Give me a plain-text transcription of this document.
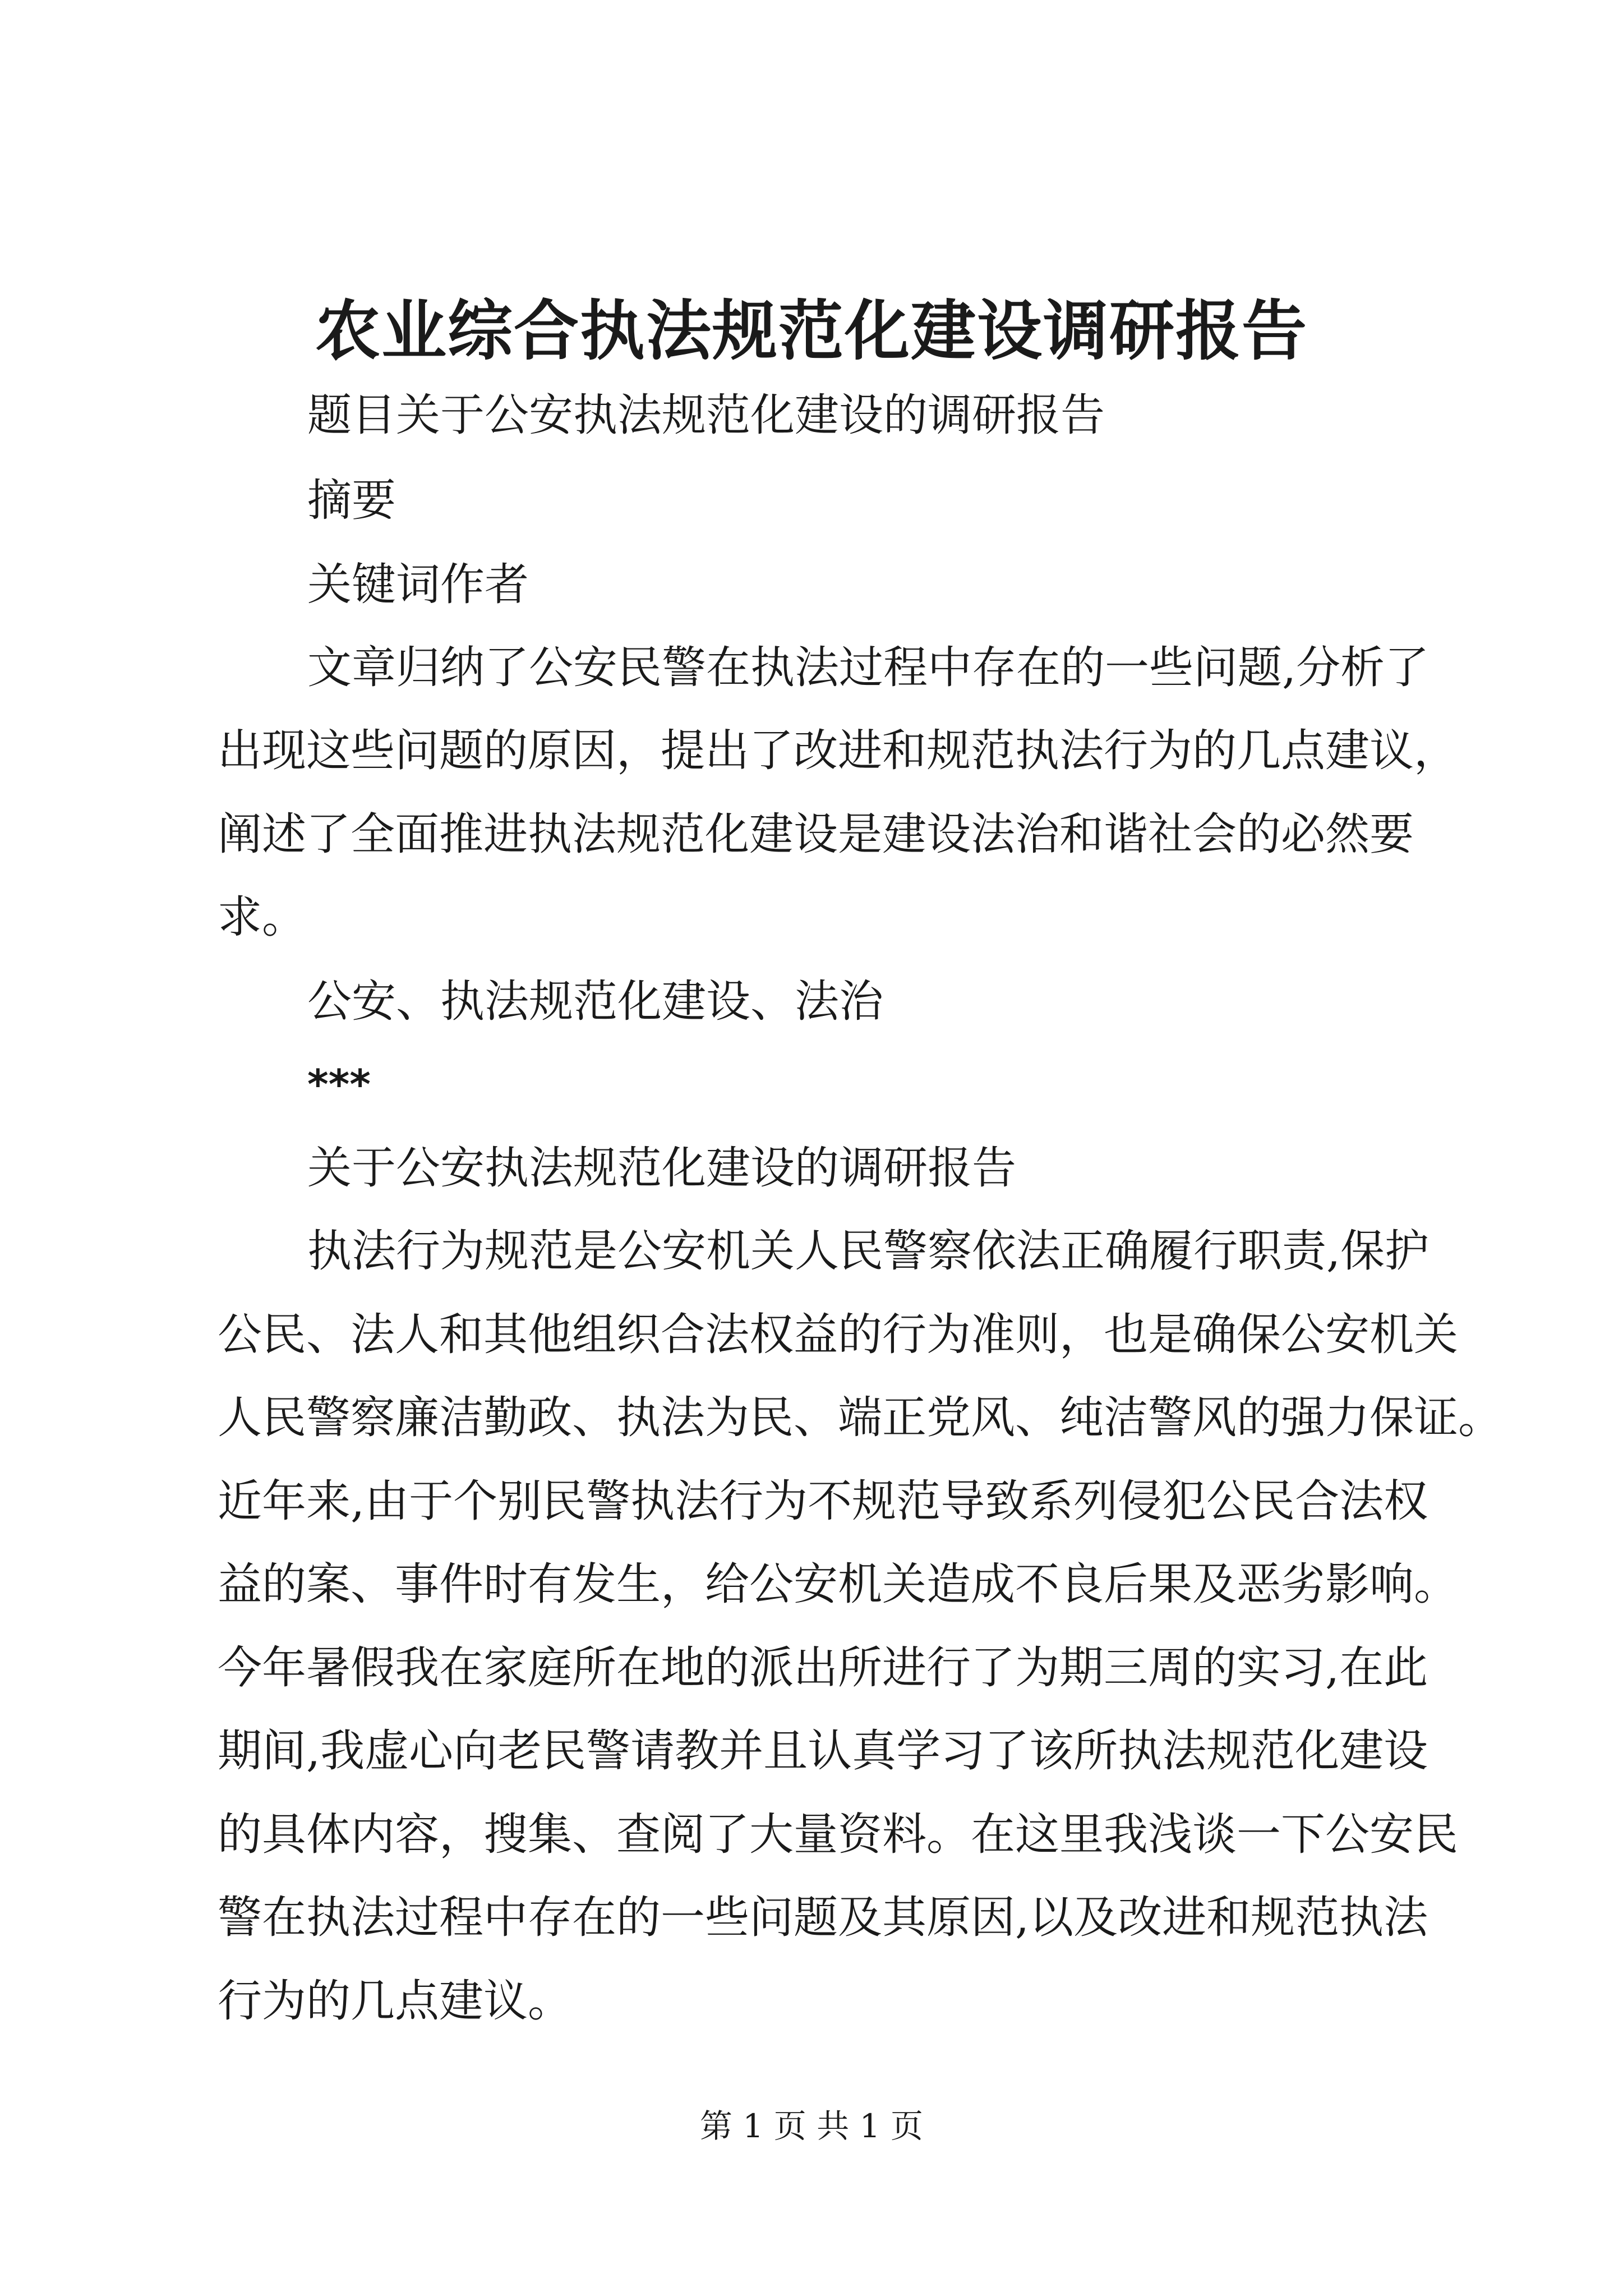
农业综合执法规范化建设调研报告
题目关于公安执法规范化建设的调研报告
摘要
关键词作者
文章归纳了公安民警在执法过程中存在的一些问题,分析了
出现这些问题的原因，提出了改进和规范执法行为的几点建议，
阐述了全面推进执法规范化建设是建设法治和谐社会的必然要
求。
公安、执法规范化建设、法治
***
关于公安执法规范化建设的调研报告
执法行为规范是公安机关人民警察依法正确履行职责,保护
公民、法人和其他组织合法权益的行为准则，也是确保公安机关
人民警察廉洁勤政、执法为民、端正党风、纯洁警风的强力保证。
近年来,由于个别民警执法行为不规范导致系列侵犯公民合法权
益的案、事件时有发生，给公安机关造成不良后果及恶劣影响。
今年暑假我在家庭所在地的派出所进行了为期三周的实习,在此
期间,我虚心向老民警请教并且认真学习了该所执法规范化建设
的具体内容，搜集、查阅了大量资料。在这里我浅谈一下公安民
警在执法过程中存在的一些问题及其原因,以及改进和规范执法
行为的几点建议。
第 1 页 共 1 页
